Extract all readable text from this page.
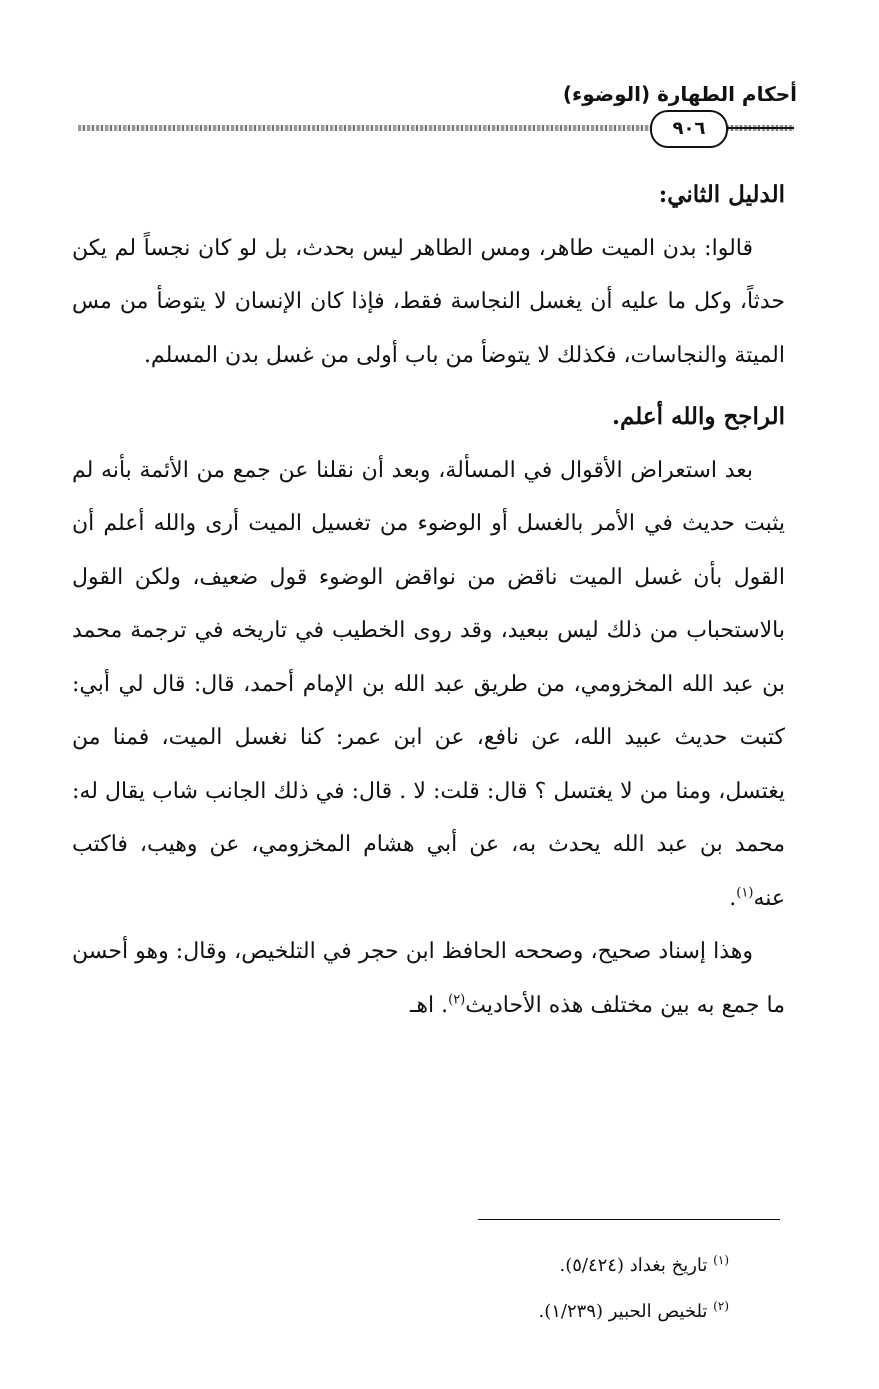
أحكام الطهارة (الوضوء)
٩٠٦

الدليل الثاني:

قالوا: بدن الميت طاهر، ومس الطاهر ليس بحدث، بل لو كان نجساً لم يكن حدثاً، وكل ما عليه أن يغسل النجاسة فقط، فإذا كان الإنسان لا يتوضأ من مس الميتة والنجاسات، فكذلك لا يتوضأ من باب أولى من غسل بدن المسلم.

الراجح والله أعلم.

بعد استعراض الأقوال في المسألة، وبعد أن نقلنا عن جمع من الأئمة بأنه لم يثبت حديث في الأمر بالغسل أو الوضوء من تغسيل الميت أرى والله أعلم أن القول بأن غسل الميت ناقض من نواقض الوضوء قول ضعيف، ولكن القول بالاستحباب من ذلك ليس ببعيد، وقد روى الخطيب في تاريخه في ترجمة محمد بن عبد الله المخزومي، من طريق عبد الله بن الإمام أحمد، قال: قال لي أبي: كتبت حديث عبيد الله، عن نافع، عن ابن عمر: كنا نغسل الميت، فمنا من يغتسل، ومنا من لا يغتسل ؟ قال: قلت: لا . قال: في ذلك الجانب شاب يقال له: محمد بن عبد الله يحدث به، عن أبي هشام المخزومي، عن وهيب، فاكتب عنه$^{(١)}$.

وهذا إسناد صحيح، وصححه الحافظ ابن حجر في التلخيص، وقال: وهو أحسن ما جمع به بين مختلف هذه الأحاديث$^{(٢)}$. اهـ

$^{(١)}$ تاريخ بغداد (٥/٤٢٤).
$^{(٢)}$ تلخيص الحبير (١/٢٣٩).
